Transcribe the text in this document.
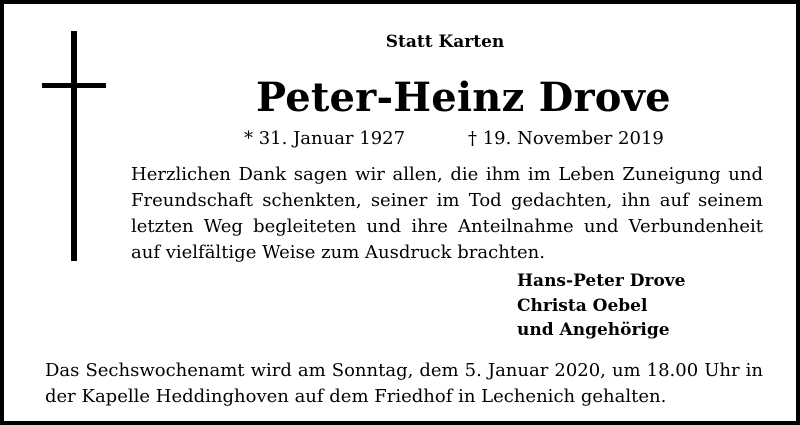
Statt Karten
Peter-Heinz Drove
* 31. Januar 1927	† 19. November 2019
Herzlichen Dank sagen wir allen, die ihm im Leben Zuneigung und Freundschaft schenkten, seiner im Tod gedachten, ihn auf seinem letzten Weg begleiteten und ihre Anteilnahme und Verbundenheit auf vielfältige Weise zum Ausdruck brachten.
Hans-Peter Drove
Christa Oebel
und Angehörige
Das Sechswochenamt wird am Sonntag, dem 5. Januar 2020, um 18.00 Uhr in der Kapelle Heddinghoven auf dem Friedhof in Lechenich gehalten.
